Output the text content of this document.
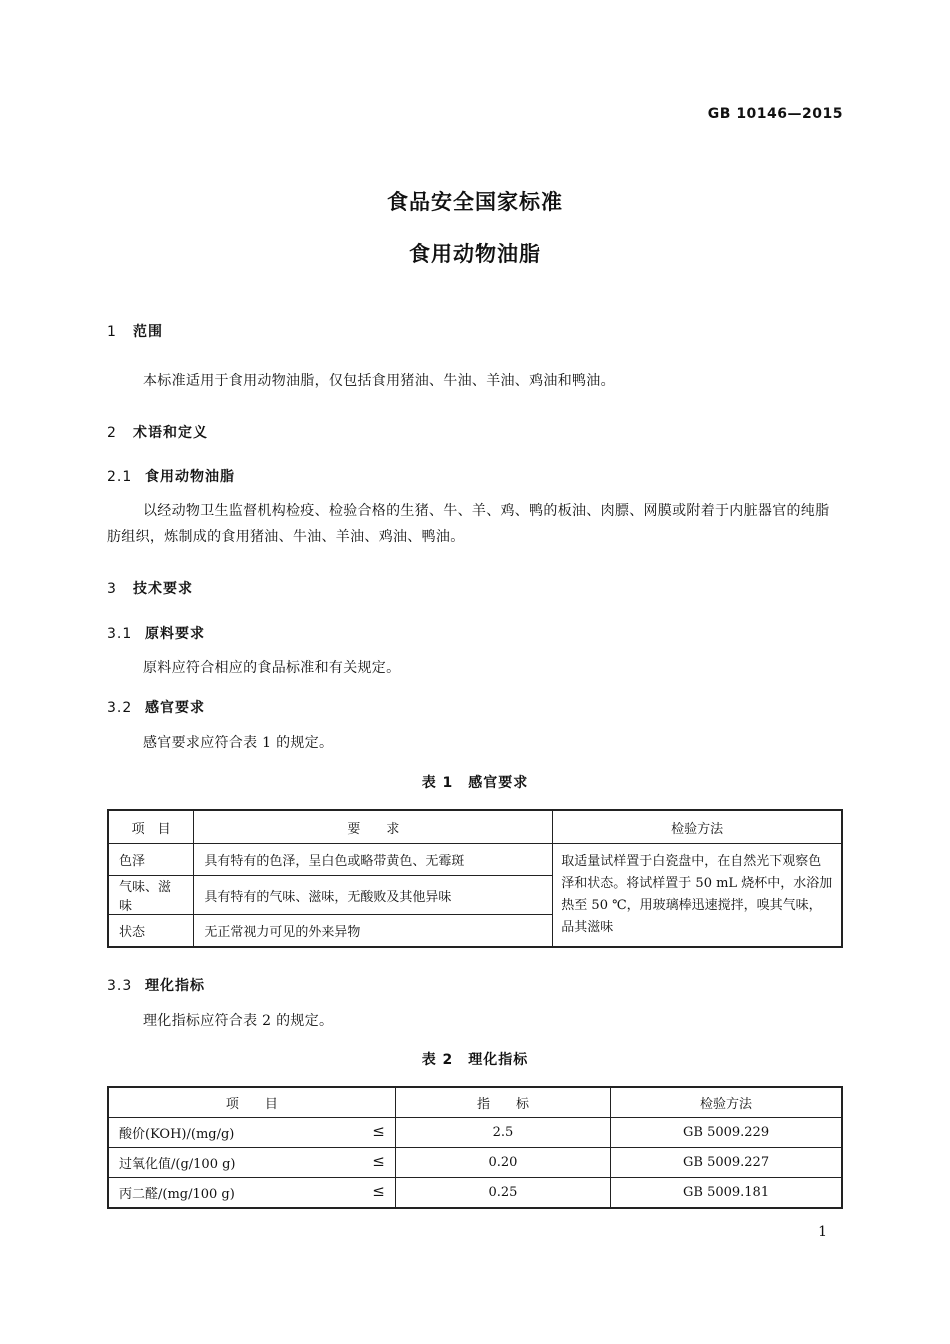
GB 10146—2015
食品安全国家标准
食用动物油脂
1 范围
本标准适用于食用动物油脂，仅包括食用猪油、牛油、羊油、鸡油和鸭油。
2 术语和定义
2.1 食用动物油脂
以经动物卫生监督机构检疫、检验合格的生猪、牛、羊、鸡、鸭的板油、肉膘、网膜或附着于内脏器官的纯脂肪组织，炼制成的食用猪油、牛油、羊油、鸡油、鸭油。
3 技术要求
3.1 原料要求
原料应符合相应的食品标准和有关规定。
3.2 感官要求
感官要求应符合表 1 的规定。
表 1　感官要求
项　目	要　　求	检验方法
色泽	具有特有的色泽，呈白色或略带黄色、无霉斑	取适量试样置于白瓷盘中，在自然光下观察色泽和状态。将试样置于 50 mL 烧杯中，水浴加热至 50 ℃，用玻璃棒迅速搅拌，嗅其气味，品其滋味
气味、滋味	具有特有的气味、滋味，无酸败及其他异味	
状态	无正常视力可见的外来异物	
3.3 理化指标
理化指标应符合表 2 的规定。
表 2　理化指标
项　　目	指　　标	检验方法
酸价(KOH)/(mg/g) ≤	2.5	GB 5009.229
过氧化值/(g/100 g) ≤	0.20	GB 5009.227
丙二醛/(mg/100 g) ≤	0.25	GB 5009.181
1
